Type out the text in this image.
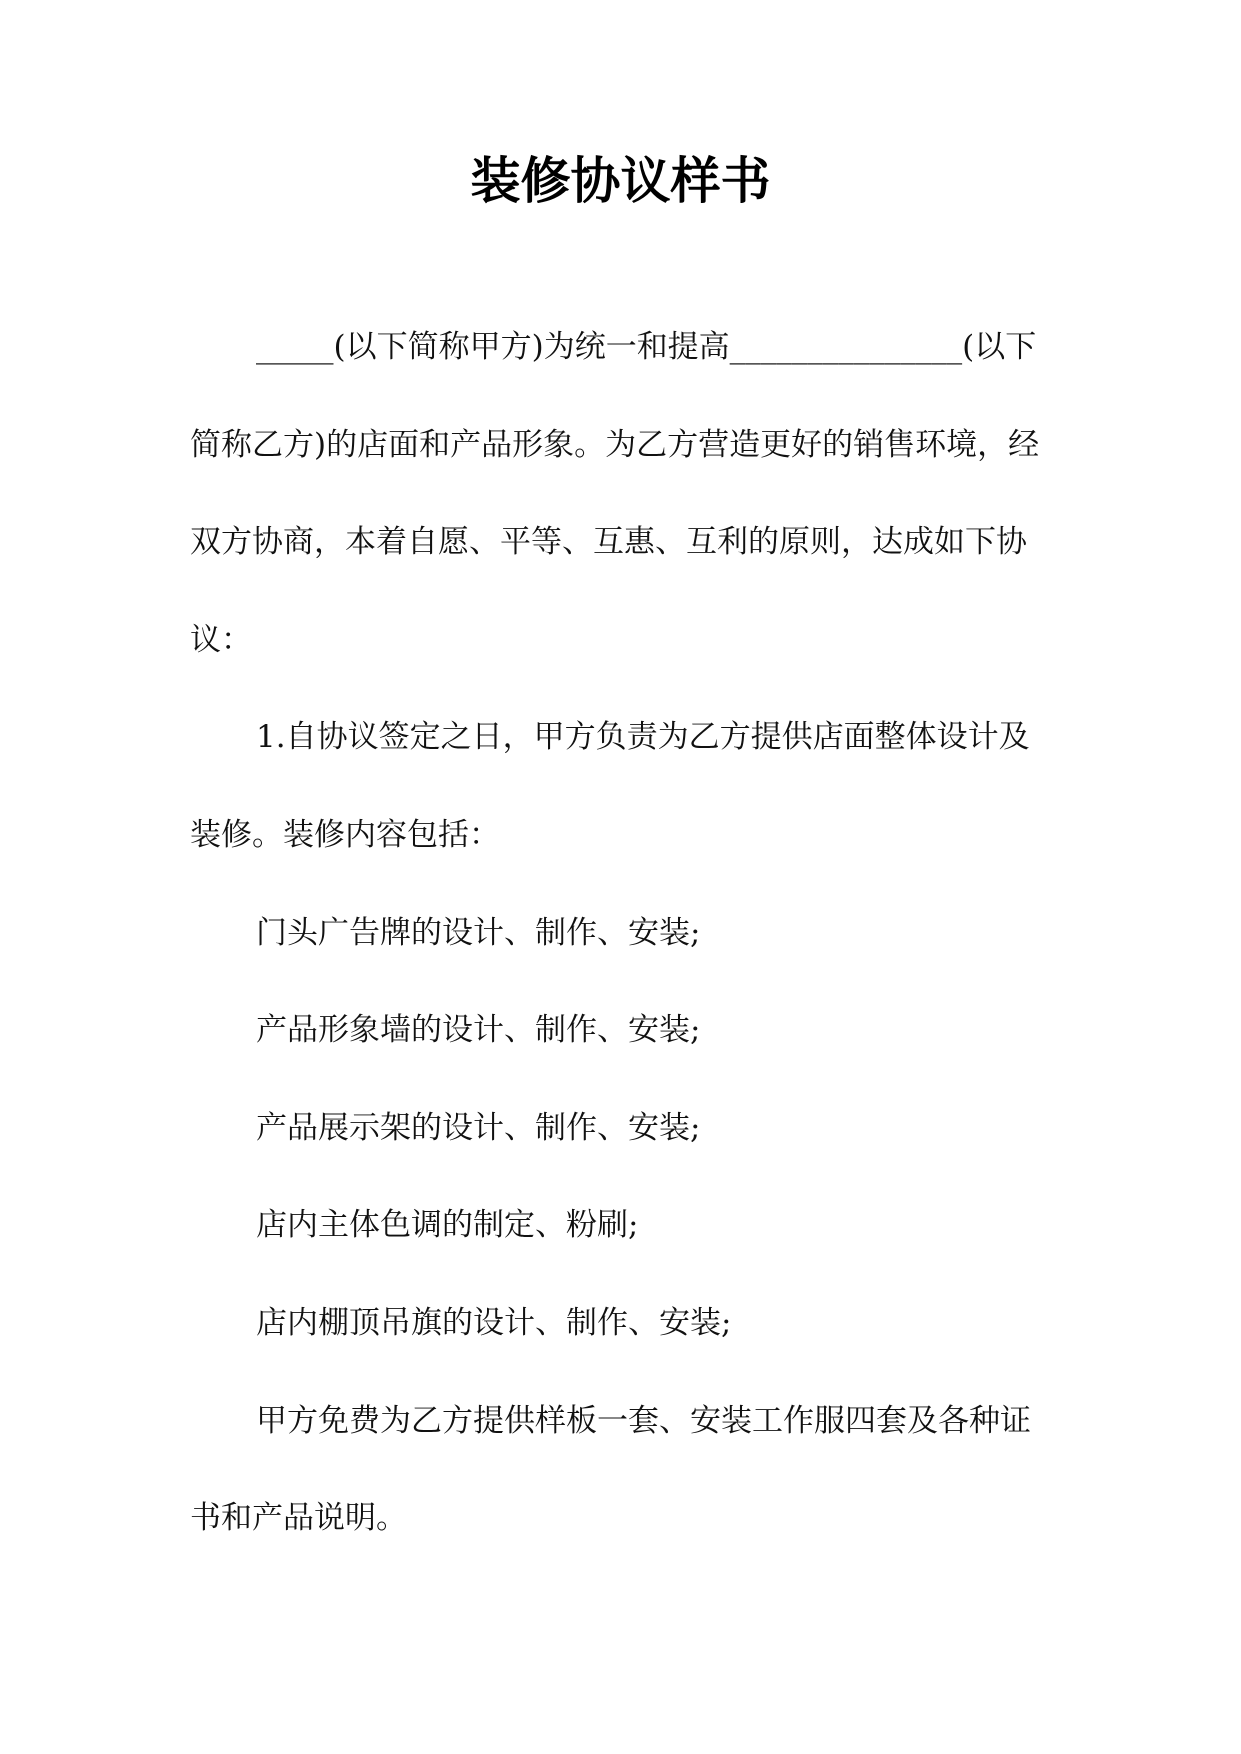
装修协议样书

_____(以下简称甲方)为统一和提高_______________(以下简称乙方)的店面和产品形象。为乙方营造更好的销售环境，经双方协商，本着自愿、平等、互惠、互利的原则，达成如下协议：

1.自协议签定之日，甲方负责为乙方提供店面整体设计及装修。装修内容包括：

门头广告牌的设计、制作、安装;

产品形象墙的设计、制作、安装;

产品展示架的设计、制作、安装;

店内主体色调的制定、粉刷;

店内棚顶吊旗的设计、制作、安装;

甲方免费为乙方提供样板一套、安装工作服四套及各种证书和产品说明。
